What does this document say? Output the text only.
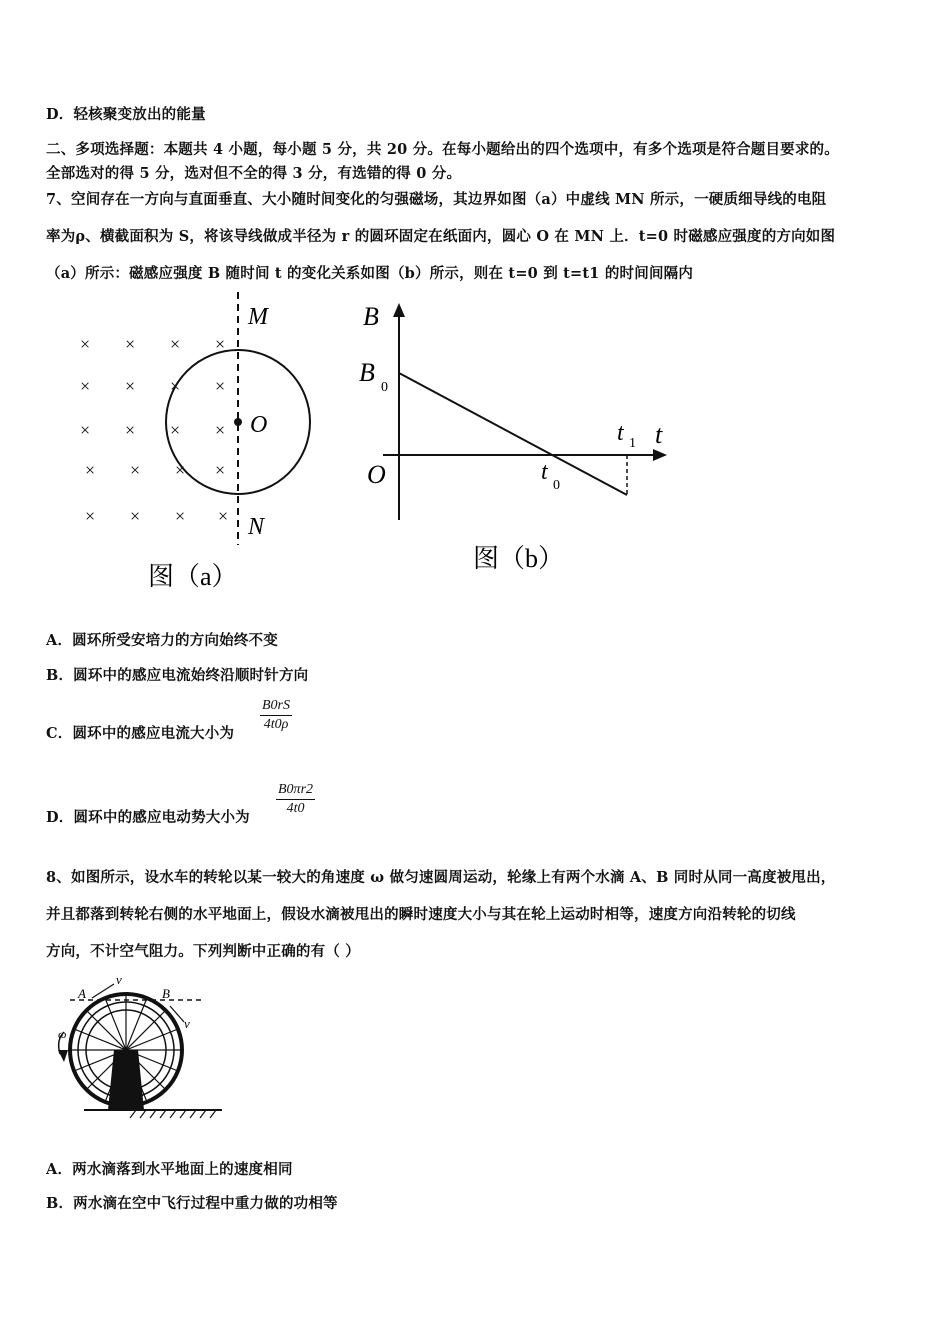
D．轻核聚变放出的能量
二、多项选择题：本题共 4 小题，每小题 5 分，共 20 分。在每小题给出的四个选项中，有多个选项是符合题目要求的。
全部选对的得 5 分，选对但不全的得 3 分，有选错的得 0 分。
7、空间存在一方向与直面垂直、大小随时间变化的匀强磁场，其边界如图（a）中虚线 MN 所示，一硬质细导线的电阻
率为ρ、横截面积为 S，将该导线做成半径为 r 的圆环固定在纸面内，圆心 O 在 MN 上．t=0 时磁感应强度的方向如图
（a）所示：磁感应强度 B 随时间 t 的变化关系如图（b）所示，则在 t=0 到 t=t1 的时间间隔内
× × × ×
× × × ×
× × × ×
× × × ×
× × × ×
M
O
N
图（a）
B
B
0
O
t
t
0
t 1
图（b）
A．圆环所受安培力的方向始终不变
B．圆环中的感应电流始终沿顺时针方向
C．圆环中的感应电流大小为
$\frac{B0rS}{4t0\rho}$
D．圆环中的感应电动势大小为
$\frac{B0\pi r2}{4t0}$
8、如图所示，设水车的转轮以某一较大的角速度 ω 做匀速圆周运动，轮缘上有两个水滴 A、B 同时从同一高度被甩出，
并且都落到转轮右侧的水平地面上，假设水滴被甩出的瞬时速度大小与其在轮上运动时相等，速度方向沿转轮的切线
方向，不计空气阻力。下列判断中正确的有（ ）
A
v
B
v
ω
A．两水滴落到水平地面上的速度相同
B．两水滴在空中飞行过程中重力做的功相等
